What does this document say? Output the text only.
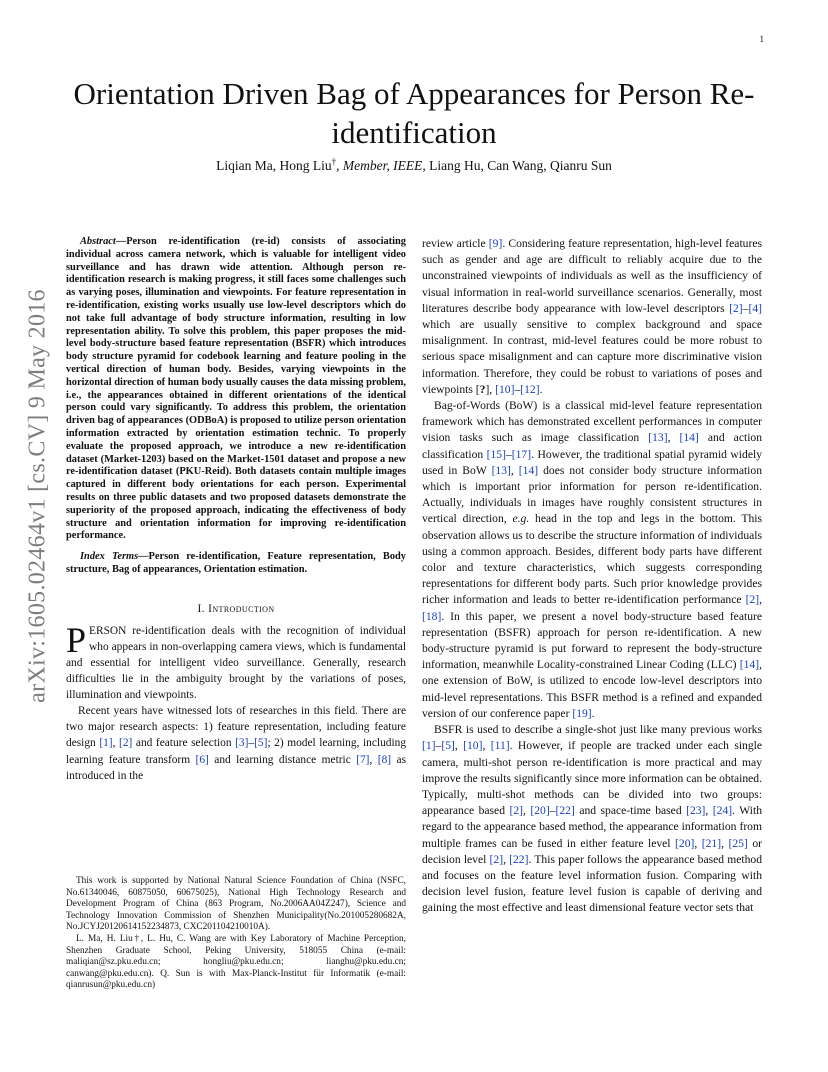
1
arXiv:1605.02464v1 [cs.CV] 9 May 2016
Orientation Driven Bag of Appearances for Person Re-identification
Liqian Ma, Hong Liu†, Member, IEEE, Liang Hu, Can Wang, Qianru Sun

Abstract—Person re-identification (re-id) consists of associating individual across camera network, which is valuable for intelligent video surveillance and has drawn wide attention. Although person re-identification research is making progress, it still faces some challenges such as varying poses, illumination and viewpoints. For feature representation in re-identification, existing works usually use low-level descriptors which do not take full advantage of body structure information, resulting in low representation ability. To solve this problem, this paper proposes the mid-level body-structure based feature representation (BSFR) which introduces body structure pyramid for codebook learning and feature pooling in the vertical direction of human body. Besides, varying viewpoints in the horizontal direction of human body usually causes the data missing problem, i.e., the appearances obtained in different orientations of the identical person could vary significantly. To address this problem, the orientation driven bag of appearances (ODBoA) is proposed to utilize person orientation information extracted by orientation estimation technic. To properly evaluate the proposed approach, we introduce a new re-identification dataset (Market-1203) based on the Market-1501 dataset and propose a new re-identification dataset (PKU-Reid). Both datasets contain multiple images captured in different body orientations for each person. Experimental results on three public datasets and two proposed datasets demonstrate the superiority of the proposed approach, indicating the effectiveness of body structure and orientation information for improving re-identification performance.

Index Terms—Person re-identification, Feature representation, Body structure, Bag of appearances, Orientation estimation.

I. Introduction

PERSON re-identification deals with the recognition of individual who appears in non-overlapping camera views, which is fundamental and essential for intelligent video surveillance. Generally, research difficulties lie in the ambiguity brought by the variations of poses, illumination and viewpoints.

Recent years have witnessed lots of researches in this field. There are two major research aspects: 1) feature representation, including feature design [1], [2] and feature selection [3]–[5]; 2) model learning, including learning feature transform [6] and learning distance metric [7], [8] as introduced in the

This work is supported by National Natural Science Foundation of China (NSFC, No.61340046, 60875050, 60675025), National High Technology Research and Development Program of China (863 Program, No.2006AA04Z247), Science and Technology Innovation Commission of Shenzhen Municipality(No.201005280682A, No.JCYJ20120614152234873, CXC201104210010A).

L. Ma, H. Liu†, L. Hu, C. Wang are with Key Laboratory of Machine Perception, Shenzhen Graduate School, Peking University, 518055 China (e-mail: maliqian@sz.pku.edu.cn; hongliu@pku.edu.cn; lianghu@pku.edu.cn; canwang@pku.edu.cn). Q. Sun is with Max-Planck-Institut für Informatik (e-mail: qianrusun@pku.edu.cn)

review article [9]. Considering feature representation, high-level features such as gender and age are difficult to reliably acquire due to the unconstrained viewpoints of individuals as well as the insufficiency of visual information in real-world surveillance scenarios. Generally, most literatures describe body appearance with low-level descriptors [2]–[4] which are usually sensitive to complex background and space misalignment. In contrast, mid-level features could be more robust to serious space misalignment and can capture more discriminative vision information. Therefore, they could be robust to variations of poses and viewpoints [?], [10]–[12].

Bag-of-Words (BoW) is a classical mid-level feature representation framework which has demonstrated excellent performances in computer vision tasks such as image classification [13], [14] and action classification [15]–[17]. However, the traditional spatial pyramid widely used in BoW [13], [14] does not consider body structure information which is important prior information for person re-identification. Actually, individuals in images have roughly consistent structures in vertical direction, e.g. head in the top and legs in the bottom. This observation allows us to describe the structure information of individuals using a common approach. Besides, different body parts have different color and texture characteristics, which suggests corresponding representations for different body parts. Such prior knowledge provides richer information and leads to better re-identification performance [2], [18]. In this paper, we present a novel body-structure based feature representation (BSFR) approach for person re-identification. A new body-structure pyramid is put forward to represent the body-structure information, meanwhile Locality-constrained Linear Coding (LLC) [14], one extension of BoW, is utilized to encode low-level descriptors into mid-level representations. This BSFR method is a refined and expanded version of our conference paper [19].

BSFR is used to describe a single-shot just like many previous works [1]–[5], [10], [11]. However, if people are tracked under each single camera, multi-shot person re-identification is more practical and may improve the results significantly since more information can be obtained. Typically, multi-shot methods can be divided into two groups: appearance based [2], [20]–[22] and space-time based [23], [24]. With regard to the appearance based method, the appearance information from multiple frames can be fused in either feature level [20], [21], [25] or decision level [2], [22]. This paper follows the appearance based method and focuses on the feature level information fusion. Comparing with decision level fusion, feature level fusion is capable of deriving and gaining the most effective and least dimensional feature vector sets that
